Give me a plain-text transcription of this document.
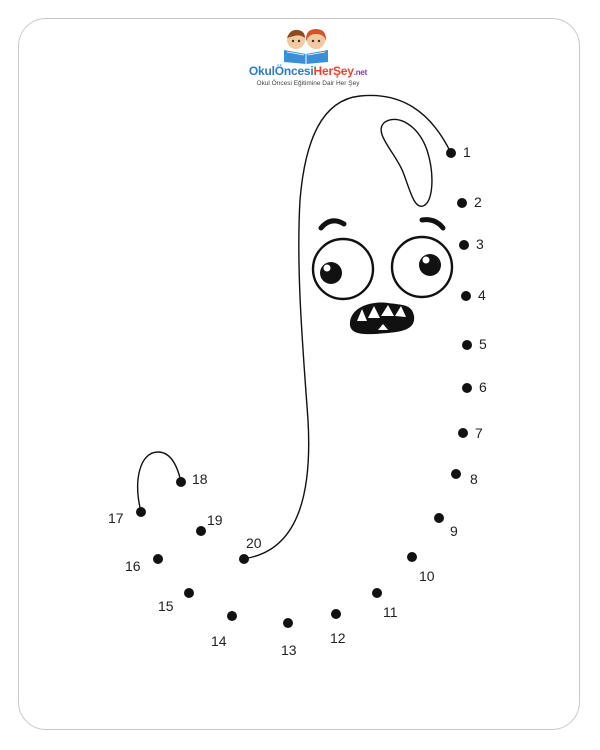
OkulÖncesiHerŞey.net
Okul Öncesi Eğitimine Dair Her Şey
1
2
3
4
5
6
7
8
9
10
11
12
13
14
15
16
17
18
19
20
